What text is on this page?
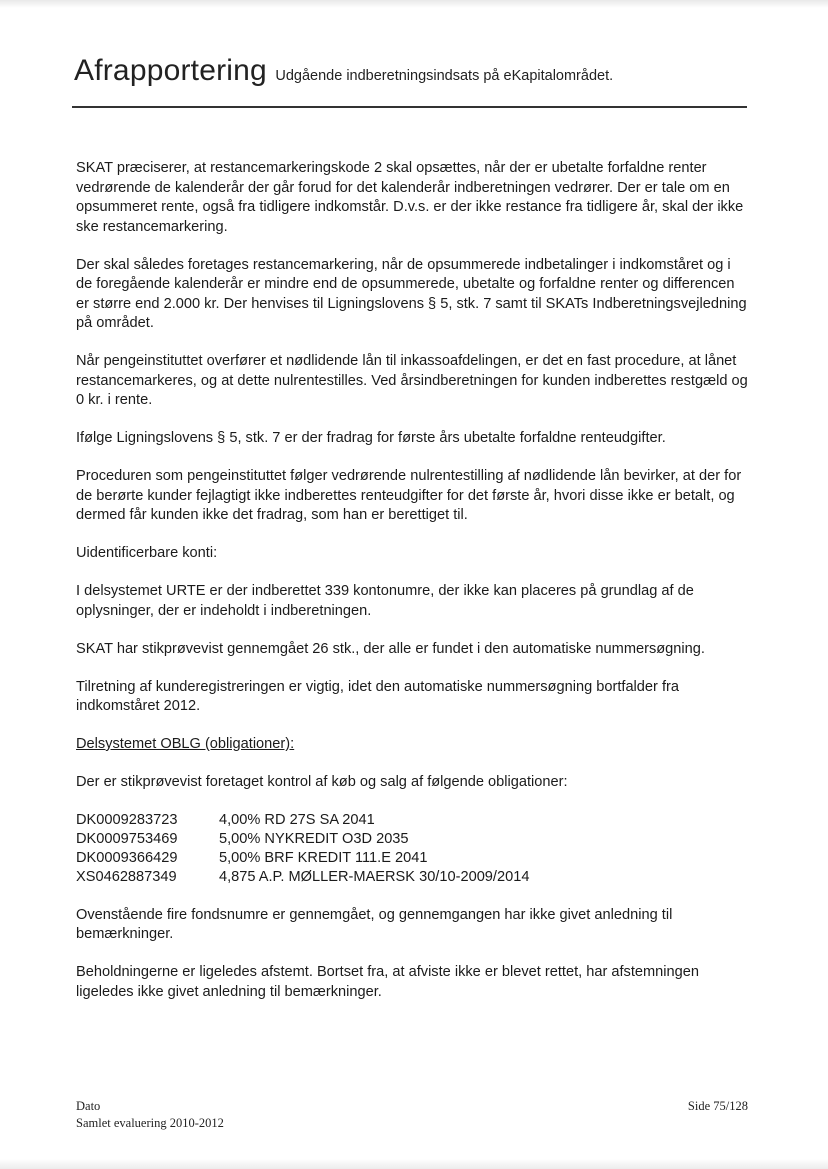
Afrapportering Udgående indberetningsindsats på eKapitalområdet.

SKAT præciserer, at restancemarkeringskode 2 skal opsættes, når der er ubetalte forfaldne renter vedrørende de kalenderår der går forud for det kalenderår indberetningen vedrører. Der er tale om en opsummeret rente, også fra tidligere indkomstår. D.v.s. er der ikke restance fra tidligere år, skal der ikke ske restancemarkering.

Der skal således foretages restancemarkering, når de opsummerede indbetalinger i indkomståret og i de foregående kalenderår er mindre end de opsummerede, ubetalte og forfaldne renter og differencen er større end 2.000 kr. Der henvises til Ligningslovens § 5, stk. 7 samt til SKATs Indberetningsvejledning på området.

Når pengeinstituttet overfører et nødlidende lån til inkassoafdelingen, er det en fast procedure, at lånet restancemarkeres, og at dette nulrentestilles. Ved årsindberetningen for kunden indberettes restgæld og 0 kr. i rente.

Ifølge Ligningslovens § 5, stk. 7 er der fradrag for første års ubetalte forfaldne renteudgifter.

Proceduren som pengeinstituttet følger vedrørende nulrentestilling af nødlidende lån bevirker, at der for de berørte kunder fejlagtigt ikke indberettes renteudgifter for det første år, hvori disse ikke er betalt, og dermed får kunden ikke det fradrag, som han er berettiget til.

Uidentificerbare konti:

I delsystemet URTE er der indberettet 339 kontonumre, der ikke kan placeres på grundlag af de oplysninger, der er indeholdt i indberetningen.

SKAT har stikprøvevist gennemgået 26 stk., der alle er fundet i den automatiske nummersøgning.

Tilretning af kunderegistreringen er vigtig, idet den automatiske nummersøgning bortfalder fra indkomståret 2012.

Delsystemet OBLG (obligationer):

Der er stikprøvevist foretaget kontrol af køb og salg af følgende obligationer:

DK0009283723	4,00% RD 27S SA 2041
DK0009753469	5,00% NYKREDIT O3D 2035
DK0009366429	5,00% BRF KREDIT 111.E 2041
XS0462887349	4,875 A.P. MØLLER-MAERSK 30/10-2009/2014

Ovenstående fire fondsnumre er gennemgået, og gennemgangen har ikke givet anledning til bemærkninger.

Beholdningerne er ligeledes afstemt. Bortset fra, at afviste ikke er blevet rettet, har afstemningen ligeledes ikke givet anledning til bemærkninger.

Dato
Samlet evaluering 2010-2012
Side 75/128
